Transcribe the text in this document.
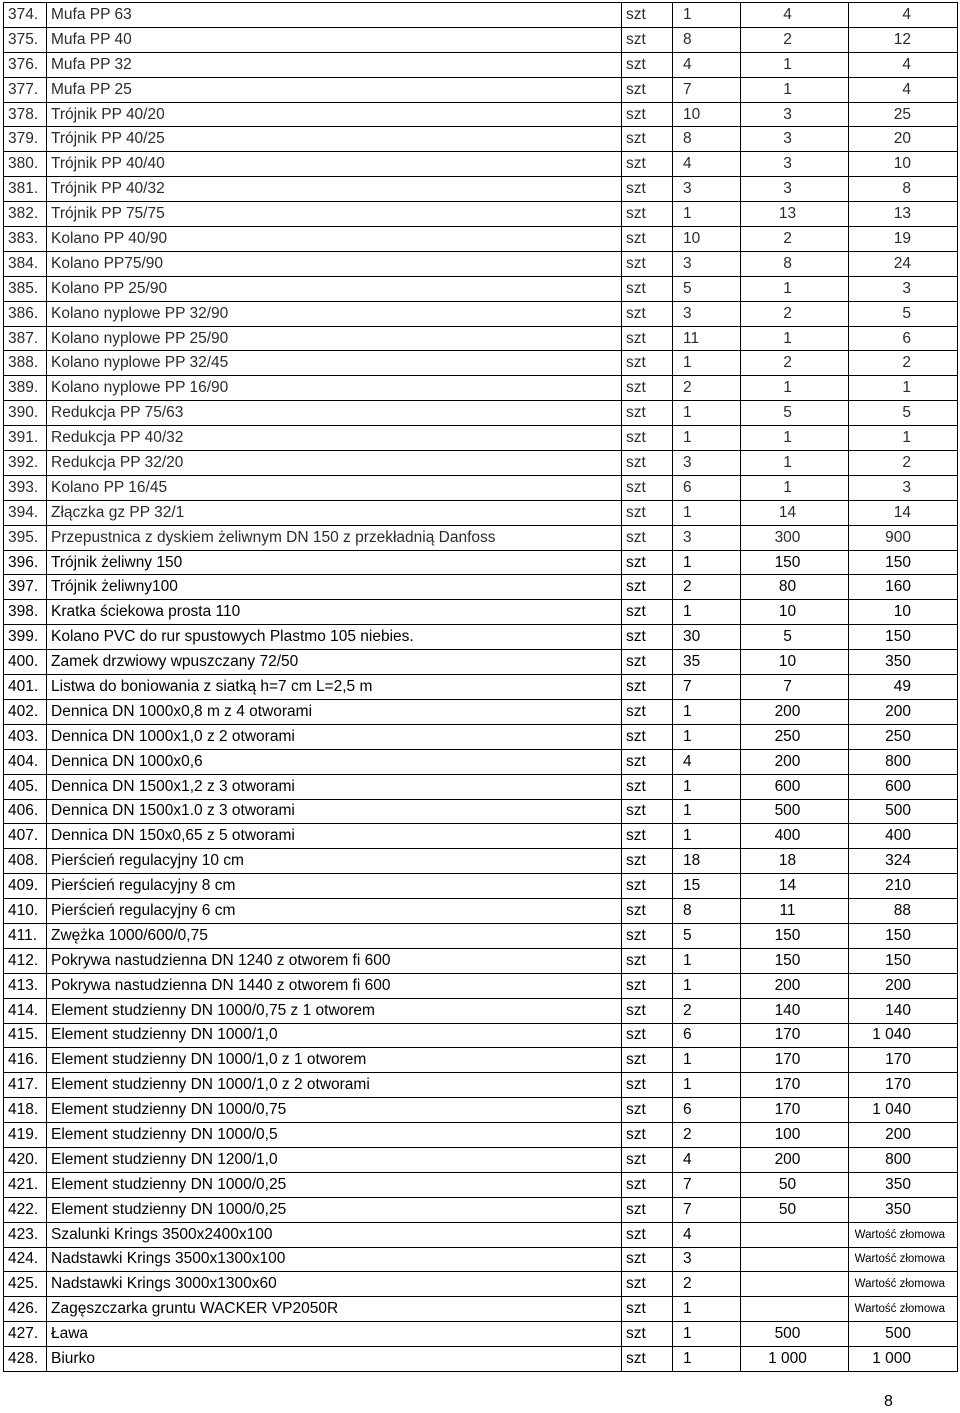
374.	Mufa PP 63	szt	1	4	4
375.	Mufa PP 40	szt	8	2	12
376.	Mufa PP 32	szt	4	1	4
377.	Mufa PP 25	szt	7	1	4
378.	Trójnik PP 40/20	szt	10	3	25
379.	Trójnik PP 40/25	szt	8	3	20
380.	Trójnik PP 40/40	szt	4	3	10
381.	Trójnik PP 40/32	szt	3	3	8
382.	Trójnik PP 75/75	szt	1	13	13
383.	Kolano PP 40/90	szt	10	2	19
384.	Kolano PP75/90	szt	3	8	24
385.	Kolano PP 25/90	szt	5	1	3
386.	Kolano nyplowe PP 32/90	szt	3	2	5
387.	Kolano nyplowe PP 25/90	szt	11	1	6
388.	Kolano nyplowe PP 32/45	szt	1	2	2
389.	Kolano nyplowe PP 16/90	szt	2	1	1
390.	Redukcja PP 75/63	szt	1	5	5
391.	Redukcja PP 40/32	szt	1	1	1
392.	Redukcja PP 32/20	szt	3	1	2
393.	Kolano PP 16/45	szt	6	1	3
394.	Złączka gz PP 32/1	szt	1	14	14
395.	Przepustnica z dyskiem żeliwnym DN 150 z przekładnią Danfoss	szt	3	300	900
396.	Trójnik żeliwny 150	szt	1	150	150
397.	Trójnik żeliwny100	szt	2	80	160
398.	Kratka ściekowa prosta 110	szt	1	10	10
399.	Kolano PVC do rur spustowych Plastmo 105 niebies.	szt	30	5	150
400.	Zamek drzwiowy wpuszczany 72/50	szt	35	10	350
401.	Listwa do boniowania z siatką h=7 cm L=2,5 m	szt	7	7	49
402.	Dennica DN 1000x0,8 m z 4 otworami	szt	1	200	200
403.	Dennica DN 1000x1,0 z 2 otworami	szt	1	250	250
404.	Dennica DN 1000x0,6	szt	4	200	800
405.	Dennica DN 1500x1,2 z 3 otworami	szt	1	600	600
406.	Dennica DN 1500x1.0 z 3 otworami	szt	1	500	500
407.	Dennica DN 150x0,65 z 5 otworami	szt	1	400	400
408.	Pierścień regulacyjny 10 cm	szt	18	18	324
409.	Pierścień regulacyjny 8 cm	szt	15	14	210
410.	Pierścień regulacyjny 6 cm	szt	8	11	88
411.	Zwężka 1000/600/0,75	szt	5	150	150
412.	Pokrywa nastudzienna DN 1240 z otworem fi 600	szt	1	150	150
413.	Pokrywa nastudzienna DN 1440 z otworem fi 600	szt	1	200	200
414.	Element studzienny DN 1000/0,75 z 1 otworem	szt	2	140	140
415.	Element studzienny DN 1000/1,0	szt	6	170	1 040
416.	Element studzienny DN 1000/1,0 z 1 otworem	szt	1	170	170
417.	Element studzienny DN 1000/1,0 z 2 otworami	szt	1	170	170
418.	Element studzienny DN 1000/0,75	szt	6	170	1 040
419.	Element studzienny DN 1000/0,5	szt	2	100	200
420.	Element studzienny DN 1200/1,0	szt	4	200	800
421.	Element studzienny DN 1000/0,25	szt	7	50	350
422.	Element studzienny DN 1000/0,25	szt	7	50	350
423.	Szalunki Krings 3500x2400x100	szt	4		Wartość złomowa
424.	Nadstawki Krings 3500x1300x100	szt	3		Wartość złomowa
425.	Nadstawki Krings 3000x1300x60	szt	2		Wartość złomowa
426.	Zagęszczarka gruntu WACKER VP2050R	szt	1		Wartość złomowa
427.	Ława	szt	1	500	500
428.	Biurko	szt	1	1 000	1 000
8
